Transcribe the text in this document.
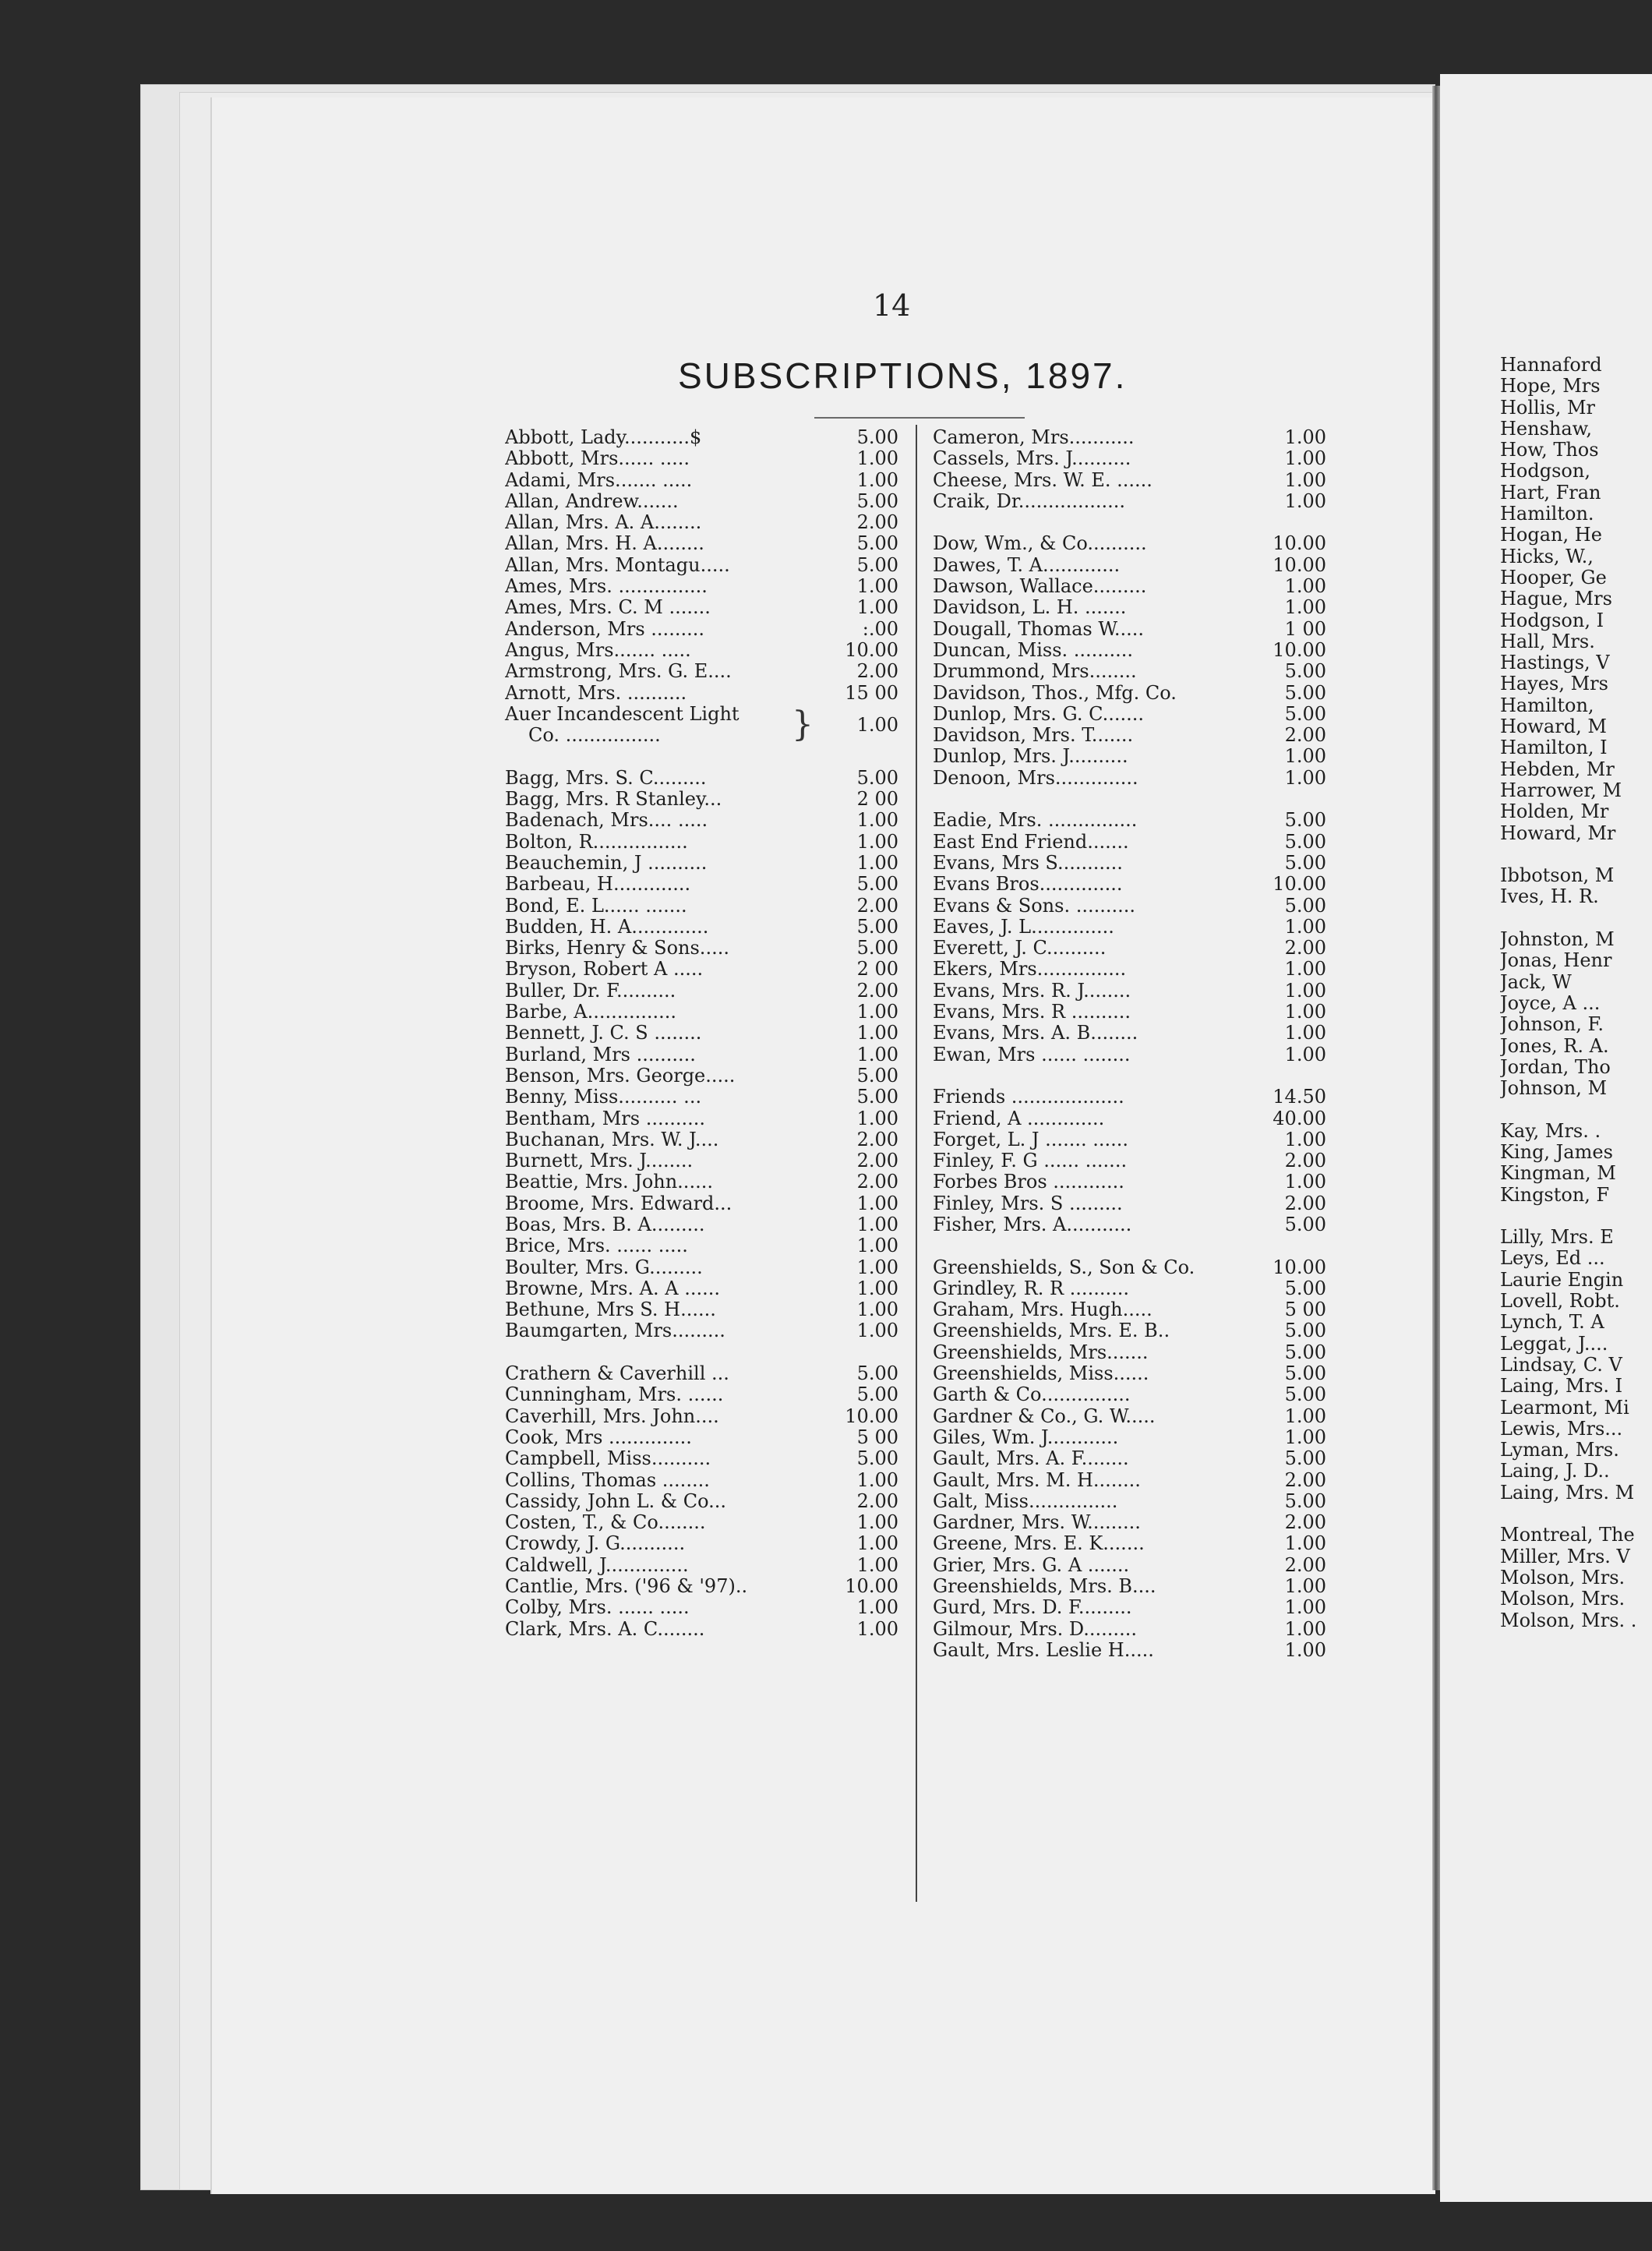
14
SUBSCRIPTIONS, 1897.
Abbott, Lady...........$	5.00
Abbott, Mrs...... .....	1.00
Adami, Mrs....... .....	1.00
Allan, Andrew.......	5.00
Allan, Mrs. A. A........	2.00
Allan, Mrs. H. A........	5.00
Allan, Mrs. Montagu.....	5.00
Ames, Mrs. ...............	1.00
Ames, Mrs. C. M .......	1.00
Anderson, Mrs .........	:.00
Angus, Mrs....... .....	10.00
Armstrong, Mrs. G. E....	2.00
Arnott, Mrs. ..........	15 00
Auer Incandescent Light
Co. ................	} 1.00
Bagg, Mrs. S. C.........	5.00
Bagg, Mrs. R Stanley...	2 00
Badenach, Mrs.... .....	1.00
Bolton, R................	1.00
Beauchemin, J ..........	1.00
Barbeau, H.............	5.00
Bond, E. L...... .......	2.00
Budden, H. A.............	5.00
Birks, Henry & Sons.....	5.00
Bryson, Robert A .....	2 00
Buller, Dr. F..........	2.00
Barbe, A...............	1.00
Bennett, J. C. S ........	1.00
Burland, Mrs ..........	1.00
Benson, Mrs. George.....	5.00
Benny, Miss.......... ...	5.00
Bentham, Mrs ..........	1.00
Buchanan, Mrs. W. J....	2.00
Burnett, Mrs. J........	2.00
Beattie, Mrs. John......	2.00
Broome, Mrs. Edward...	1.00
Boas, Mrs. B. A.........	1.00
Brice, Mrs. ...... .....	1.00
Boulter, Mrs. G.........	1.00
Browne, Mrs. A. A ......	1.00
Bethune, Mrs S. H......	1.00
Baumgarten, Mrs.........	1.00
Crathern & Caverhill ...	5.00
Cunningham, Mrs. ......	5.00
Caverhill, Mrs. John....	10.00
Cook, Mrs ..............	5 00
Campbell, Miss..........	5.00
Collins, Thomas ........	1.00
Cassidy, John L. & Co...	2.00
Costen, T., & Co........	1.00
Crowdy, J. G...........	1.00
Caldwell, J..............	1.00
Cantlie, Mrs. ('96 & '97)..	10.00
Colby, Mrs. ...... .....	1.00
Clark, Mrs. A. C........	1.00
Cameron, Mrs...........	1.00
Cassels, Mrs. J..........	1.00
Cheese, Mrs. W. E. ......	1.00
Craik, Dr..................	1.00
Dow, Wm., & Co..........	10.00
Dawes, T. A.............	10.00
Dawson, Wallace.........	1.00
Davidson, L. H. .......	1.00
Dougall, Thomas W.....	1 00
Duncan, Miss. ..........	10.00
Drummond, Mrs........	5.00
Davidson, Thos., Mfg. Co.	5.00
Dunlop, Mrs. G. C.......	5.00
Davidson, Mrs. T.......	2.00
Dunlop, Mrs. J..........	1.00
Denoon, Mrs..............	1.00
Eadie, Mrs. ...............	5.00
East End Friend.......	5.00
Evans, Mrs S...........	5.00
Evans Bros..............	10.00
Evans & Sons. ..........	5.00
Eaves, J. L..............	1.00
Everett, J. C..........	2.00
Ekers, Mrs...............	1.00
Evans, Mrs. R. J........	1.00
Evans, Mrs. R ..........	1.00
Evans, Mrs. A. B........	1.00
Ewan, Mrs ...... ........	1.00
Friends ...................	14.50
Friend, A .............	40.00
Forget, L. J ....... ......	1.00
Finley, F. G ...... .......	2.00
Forbes Bros ............	1.00
Finley, Mrs. S .........	2.00
Fisher, Mrs. A...........	5.00
Greenshields, S., Son & Co.	10.00
Grindley, R. R ..........	5.00
Graham, Mrs. Hugh.....	5 00
Greenshields, Mrs. E. B..	5.00
Greenshields, Mrs.......	5.00
Greenshields, Miss......	5.00
Garth & Co...............	5.00
Gardner & Co., G. W.....	1.00
Giles, Wm. J............	1.00
Gault, Mrs. A. F........	5.00
Gault, Mrs. M. H........	2.00
Galt, Miss...............	5.00
Gardner, Mrs. W.........	2.00
Greene, Mrs. E. K.......	1.00
Grier, Mrs. G. A .......	2.00
Greenshields, Mrs. B....	1.00
Gurd, Mrs. D. F.........	1.00
Gilmour, Mrs. D.........	1.00
Gault, Mrs. Leslie H.....	1.00
Hannaford
Hope, Mrs
Hollis, Mr
Henshaw,
How, Thos
Hodgson,
Hart, Fran
Hamilton.
Hogan, He
Hicks, W.,
Hooper, Ge
Hague, Mrs
Hodgson, I
Hall, Mrs.
Hastings, V
Hayes, Mrs
Hamilton,
Howard, M
Hamilton, I
Hebden, Mr
Harrower, M
Holden, Mr
Howard, Mr
Ibbotson, M
Ives, H. R.
Johnston, M
Jonas, Henr
Jack, W
Joyce, A ...
Johnson, F.
Jones, R. A.
Jordan, Tho
Johnson, M
Kay, Mrs. .
King, James
Kingman, M
Kingston, F
Lilly, Mrs. E
Leys, Ed ...
Laurie Engin
Lovell, Robt.
Lynch, T. A
Leggat, J....
Lindsay, C. V
Laing, Mrs. I
Learmont, Mi
Lewis, Mrs...
Lyman, Mrs.
Laing, J. D..
Laing, Mrs. M
Montreal, The
Miller, Mrs. V
Molson, Mrs.
Molson, Mrs.
Molson, Mrs. .
